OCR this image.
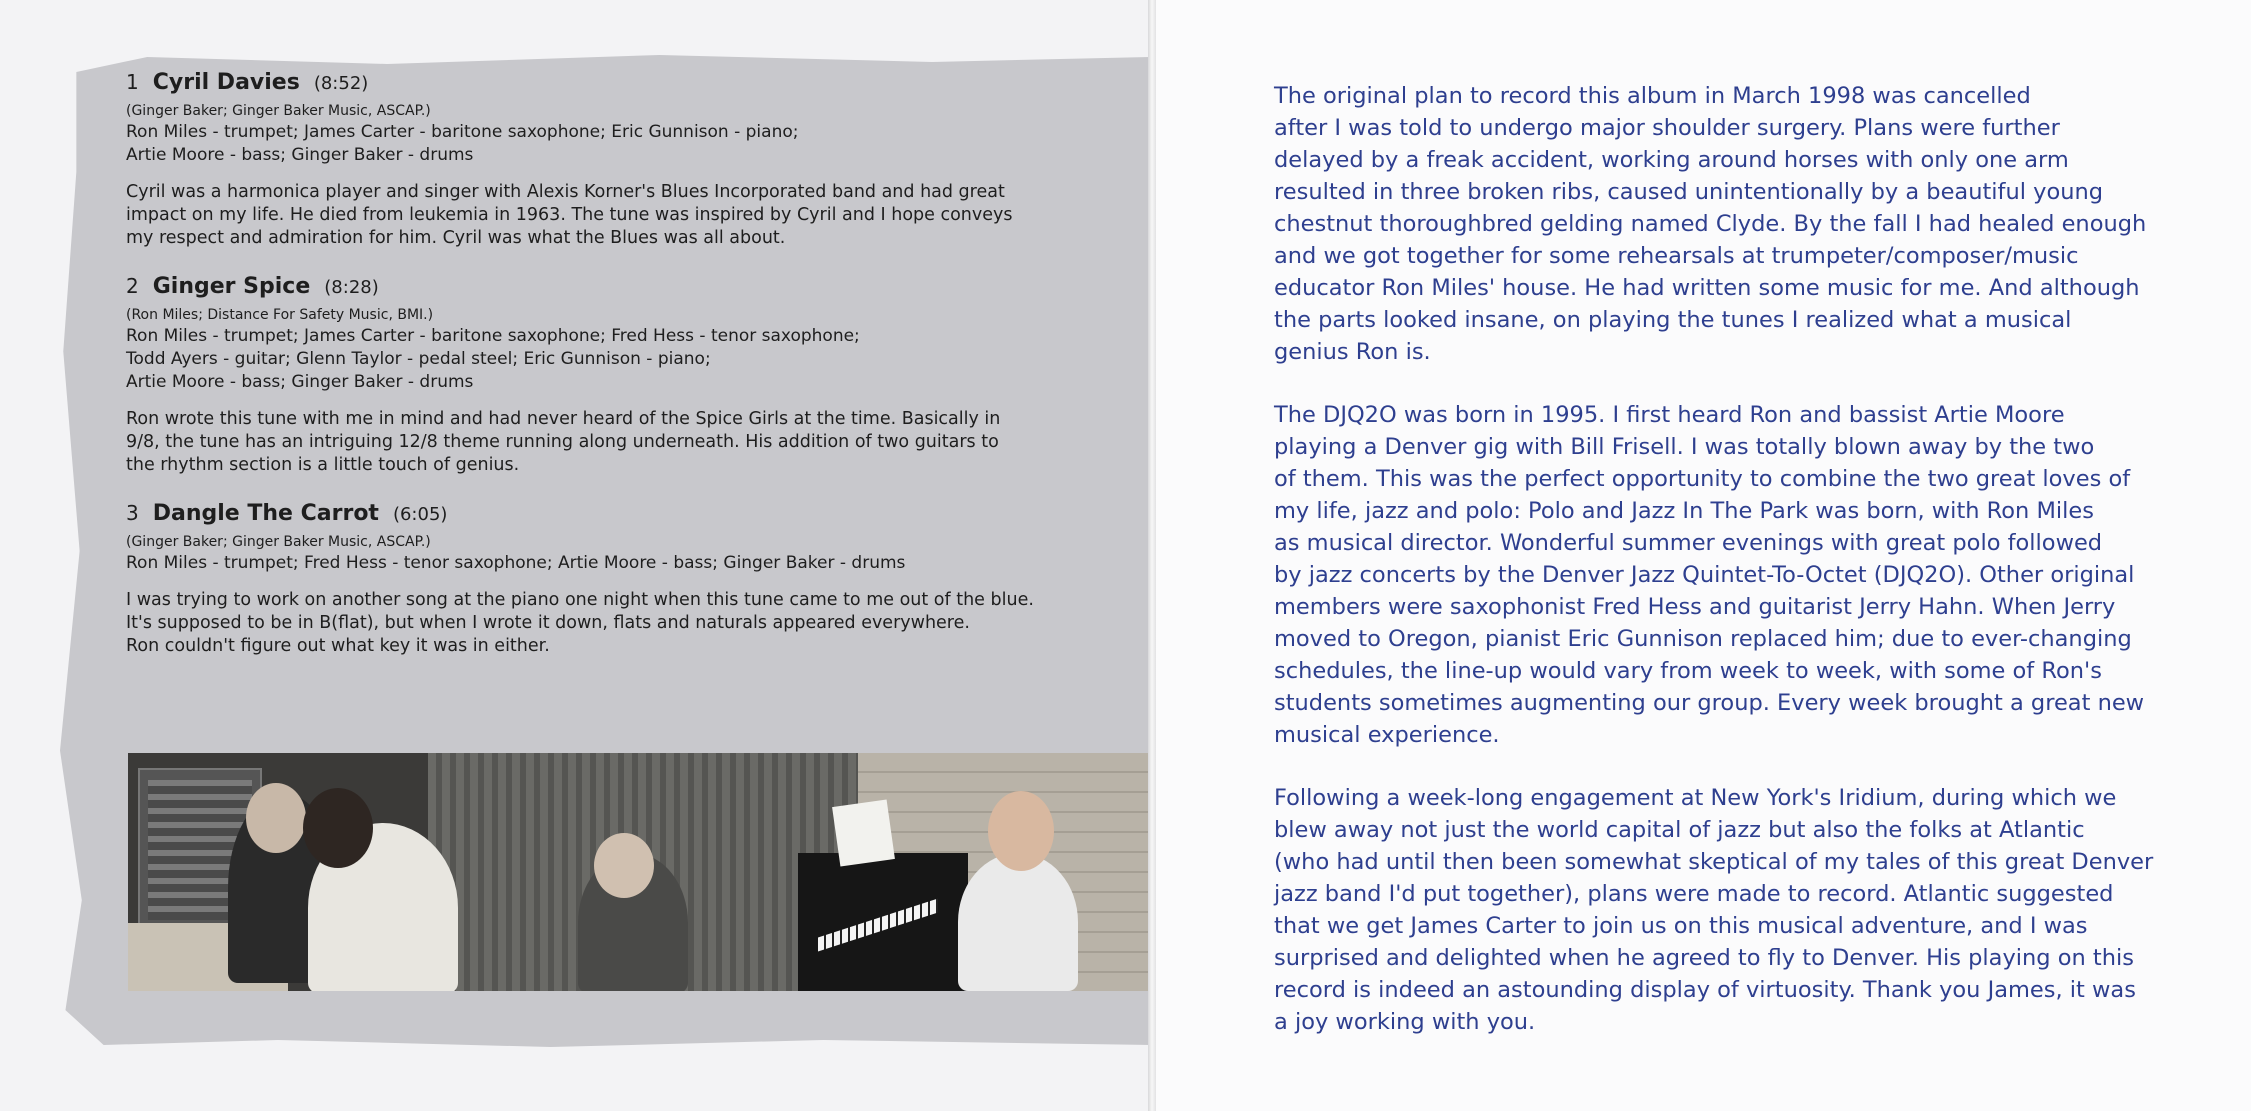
1 Cyril Davies (8:52)
(Ginger Baker; Ginger Baker Music, ASCAP.)
Ron Miles - trumpet; James Carter - baritone saxophone; Eric Gunnison - piano;
Artie Moore - bass; Ginger Baker - drums
Cyril was a harmonica player and singer with Alexis Korner's Blues Incorporated band and had great
impact on my life. He died from leukemia in 1963. The tune was inspired by Cyril and I hope conveys
my respect and admiration for him. Cyril was what the Blues was all about.
2 Ginger Spice (8:28)
(Ron Miles; Distance For Safety Music, BMI.)
Ron Miles - trumpet; James Carter - baritone saxophone; Fred Hess - tenor saxophone;
Todd Ayers - guitar; Glenn Taylor - pedal steel; Eric Gunnison - piano;
Artie Moore - bass; Ginger Baker - drums
Ron wrote this tune with me in mind and had never heard of the Spice Girls at the time. Basically in
9/8, the tune has an intriguing 12/8 theme running along underneath. His addition of two guitars to
the rhythm section is a little touch of genius.
3 Dangle The Carrot (6:05)
(Ginger Baker; Ginger Baker Music, ASCAP.)
Ron Miles - trumpet; Fred Hess - tenor saxophone; Artie Moore - bass; Ginger Baker - drums
I was trying to work on another song at the piano one night when this tune came to me out of the blue.
It's supposed to be in B(flat), but when I wrote it down, flats and naturals appeared everywhere.
Ron couldn't figure out what key it was in either.

The original plan to record this album in March 1998 was cancelled
after I was told to undergo major shoulder surgery. Plans were further
delayed by a freak accident, working around horses with only one arm
resulted in three broken ribs, caused unintentionally by a beautiful young
chestnut thoroughbred gelding named Clyde. By the fall I had healed enough
and we got together for some rehearsals at trumpeter/composer/music
educator Ron Miles' house. He had written some music for me. And although
the parts looked insane, on playing the tunes I realized what a musical
genius Ron is.

The DJQ2O was born in 1995. I first heard Ron and bassist Artie Moore
playing a Denver gig with Bill Frisell. I was totally blown away by the two
of them. This was the perfect opportunity to combine the two great loves of
my life, jazz and polo: Polo and Jazz In The Park was born, with Ron Miles
as musical director. Wonderful summer evenings with great polo followed
by jazz concerts by the Denver Jazz Quintet-To-Octet (DJQ2O). Other original
members were saxophonist Fred Hess and guitarist Jerry Hahn. When Jerry
moved to Oregon, pianist Eric Gunnison replaced him; due to ever-changing
schedules, the line-up would vary from week to week, with some of Ron's
students sometimes augmenting our group. Every week brought a great new
musical experience.

Following a week-long engagement at New York's Iridium, during which we
blew away not just the world capital of jazz but also the folks at Atlantic
(who had until then been somewhat skeptical of my tales of this great Denver
jazz band I'd put together), plans were made to record. Atlantic suggested
that we get James Carter to join us on this musical adventure, and I was
surprised and delighted when he agreed to fly to Denver. His playing on this
record is indeed an astounding display of virtuosity. Thank you James, it was
a joy working with you.
